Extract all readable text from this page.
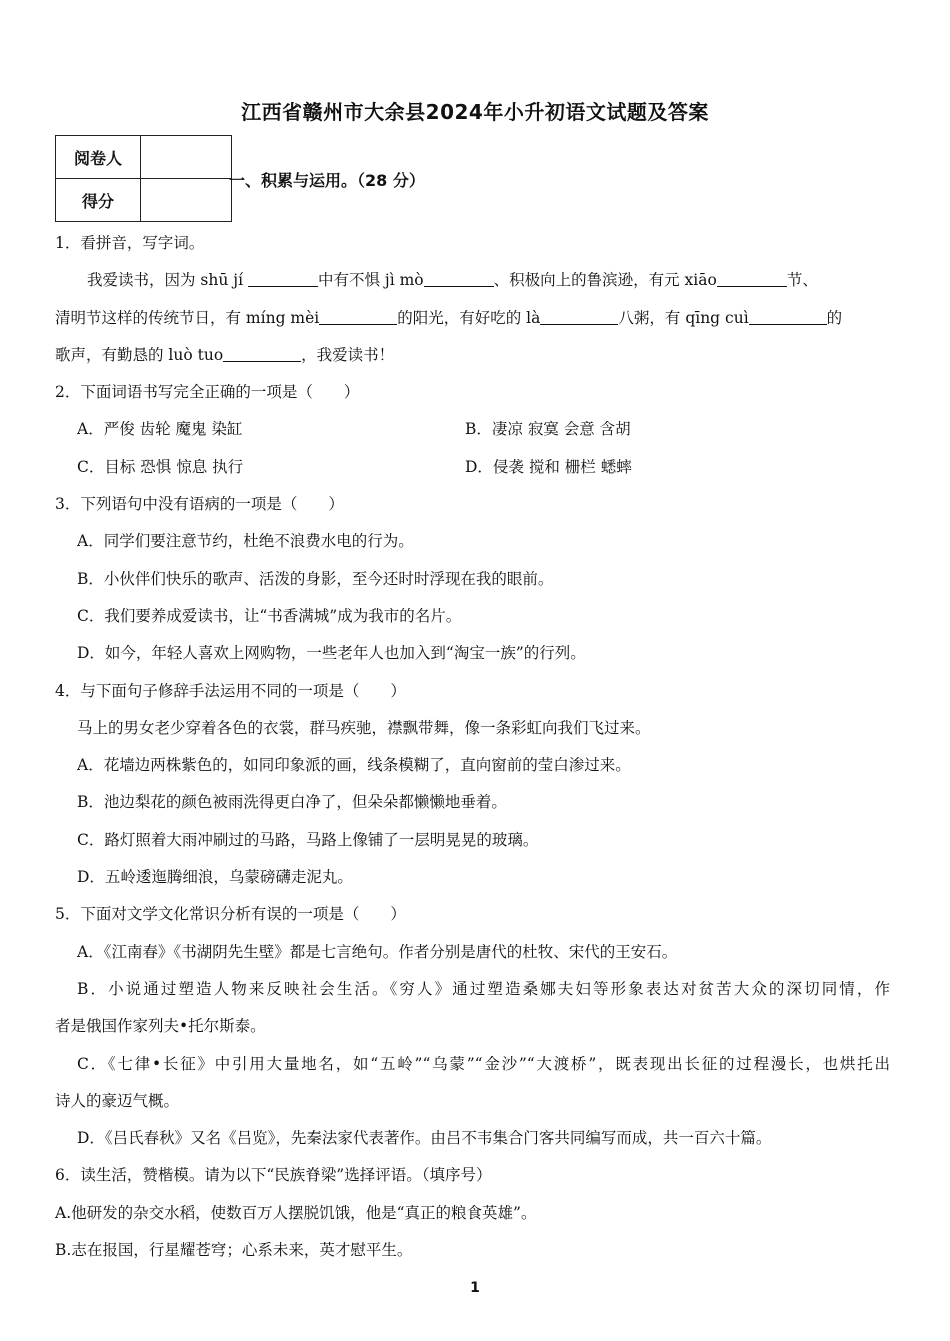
江西省赣州市大余县2024年小升初语文试题及答案
阅卷人	
得分	
一、积累与运用。（28 分）
1．看拼音，写字词。
我爱读书，因为 shū jí	中有不惧 jì mò	、积极向上的鲁滨逊，有元 xiāo	节、
清明节这样的传统节日，有 míng mèi	的阳光，有好吃的 là	八粥，有 qīng cuì	的
歌声，有勤恳的 luò tuo	，我爱读书！
2．下面词语书写完全正确的一项是（　　）
A．严俊 齿轮 魔鬼 染缸	B．凄凉 寂寞 会意 含胡
C．目标 恐惧 惊息 执行	D．侵袭 搅和 栅栏 蟋蟀
3．下列语句中没有语病的一项是（　　）
A．同学们要注意节约，杜绝不浪费水电的行为。
B．小伙伴们快乐的歌声、活泼的身影，至今还时时浮现在我的眼前。
C．我们要养成爱读书，让“书香满城”成为我市的名片。
D．如今，年轻人喜欢上网购物，一些老年人也加入到“淘宝一族”的行列。
4．与下面句子修辞手法运用不同的一项是（　　）
马上的男女老少穿着各色的衣裳，群马疾驰，襟飘带舞，像一条彩虹向我们飞过来。
A．花墙边两株紫色的，如同印象派的画，线条模糊了，直向窗前的莹白渗过来。
B．池边梨花的颜色被雨洗得更白净了，但朵朵都懒懒地垂着。
C．路灯照着大雨冲刷过的马路，马路上像铺了一层明晃晃的玻璃。
D．五岭逶迤腾细浪，乌蒙磅礴走泥丸。
5．下面对文学文化常识分析有误的一项是（　　）
A．《江南春》《书湖阴先生壁》都是七言绝句。作者分别是唐代的杜牧、宋代的王安石。
B．小说通过塑造人物来反映社会生活。《穷人》通过塑造桑娜夫妇等形象表达对贫苦大众的深切同情，作
者是俄国作家列夫•托尔斯泰。
C．《七律•长征》中引用大量地名，如“五岭”“乌蒙”“金沙”“大渡桥”，既表现出长征的过程漫长，也烘托出
诗人的豪迈气概。
D．《吕氏春秋》又名《吕览》，先秦法家代表著作。由吕不韦集合门客共同编写而成，共一百六十篇。
6．读生活，赞楷模。请为以下“民族脊梁”选择评语。（填序号）
A.他研发的杂交水稻，使数百万人摆脱饥饿，他是“真正的粮食英雄”。
B.志在报国，行星耀苍穹；心系未来，英才慰平生。
1
